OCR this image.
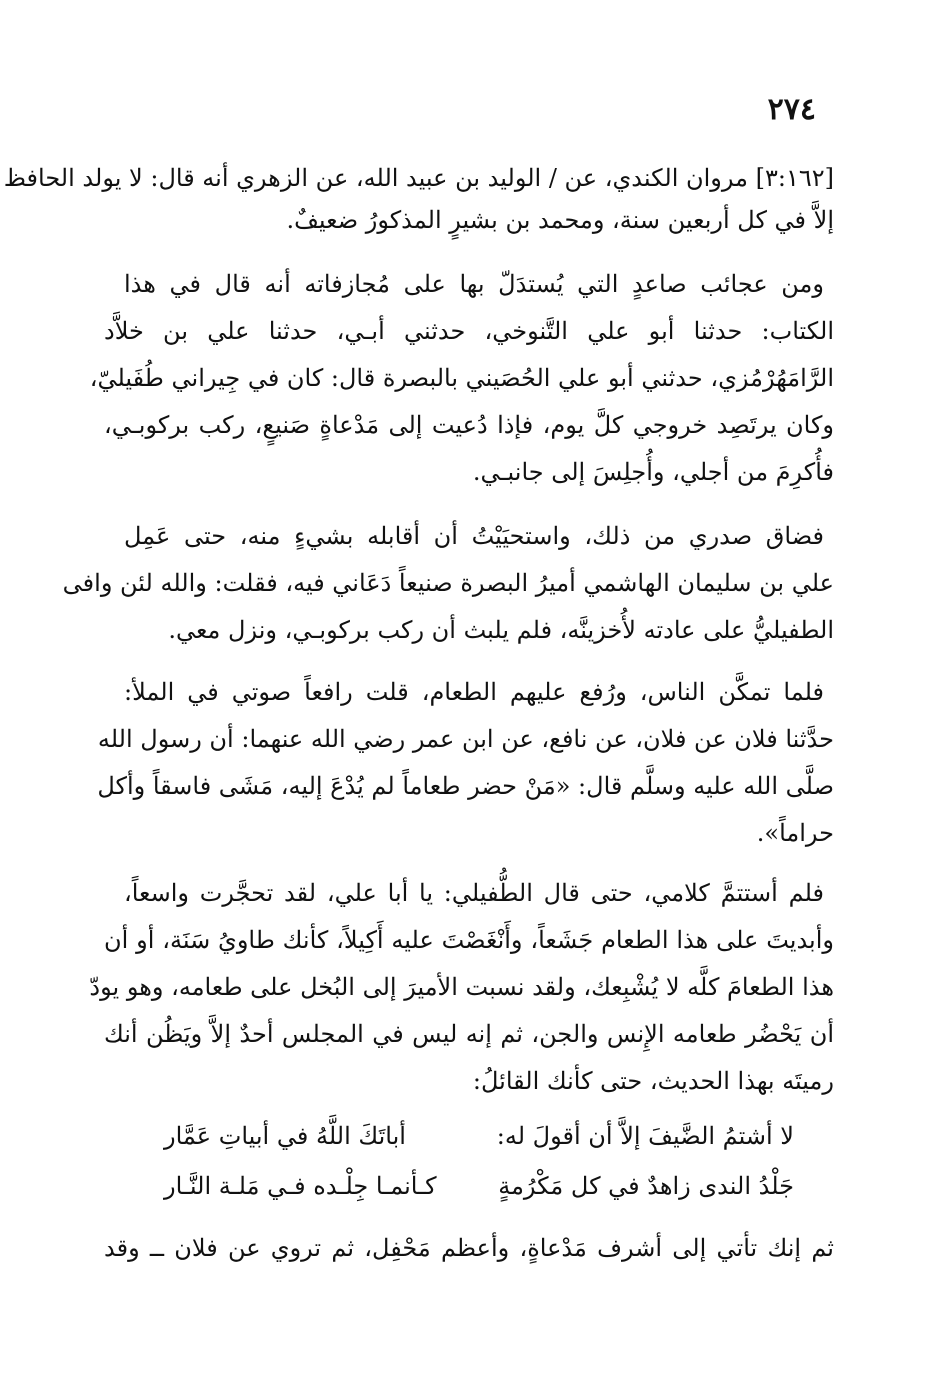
٢٧٤
[٣:١٦٢] مروان الكندي، عن / الوليد بن عبيد الله، عن الزهري أنه قال: لا يولد الحافظ
إلاَّ في كل أربعين سنة، ومحمد بن بشيرٍ المذكورُ ضعيفٌ.
ومن عجائب صاعدٍ التي يُستدَلّ بها على مُجازفاته أنه قال في هذا
الكتاب: حدثنا أبو علي التَّنوخي، حدثني أبـي، حدثنا علي بن خلاَّد
الرَّامَهُرْمُزي، حدثني أبو علي الحُصَيني بالبصرة قال: كان في جِيراني طُفَيليّ،
وكان يرتَصِد خروجي كلَّ يوم، فإذا دُعيت إلى مَدْعاةٍ صَنيعٍ، ركب بركوبـي،
فأُكرِمَ من أجلي، وأُجلِسَ إلى جانبـي.
فضاق صدري من ذلك، واستحيَيْتُ أن أقابله بشيءٍ منه، حتى عَمِل
علي بن سليمان الهاشمي أميرُ البصرة صنيعاً دَعَاني فيه، فقلت: والله لئن وافى
الطفيليُّ على عادته لأُخزينَّه، فلم يلبث أن ركب بركوبـي، ونزل معي.
فلما تمكَّن الناس، ورُفع عليهم الطعام، قلت رافعاً صوتي في الملأ:
حدَّثنا فلان عن فلان، عن نافع، عن ابن عمر رضي الله عنهما: أن رسول الله
صلَّى الله عليه وسلَّم قال: «مَنْ حضر طعاماً لم يُدْعَ إليه، مَشَى فاسقاً وأكل
حراماً».
فلم أستتمَّ كلامي، حتى قال الطُّفيلي: يا أبا علي، لقد تحجَّرت واسعاً،
وأبديتَ على هذا الطعام جَشَعاً، وأَنْغَصْتَ عليه أَكِيلاً، كأنك طاويُ سَنَة، أو أن
هذا الطعامَ كلَّه لا يُشْبِعك، ولقد نسبت الأميرَ إلى البُخل على طعامه، وهو يودّ
أن يَحْضُر طعامه الإِنس والجن، ثم إنه ليس في المجلس أحدٌ إلاَّ ويَظُن أنك
رميتَه بهذا الحديث، حتى كأنك القائلُ:
لا أشتمُ الضَّيفَ إلاَّ أن أقولَ له:
أباتَكَ اللَّهُ في أبياتِ عَمَّار
جَلْدُ الندى زاهدٌ في كل مَكْرُمةٍ
كـأنمـا جِلْـده فـي مَلـة النَّـار
ثم إنك تأتي إلى أشرف مَدْعاةٍ، وأعظم مَحْفِل، ثم تروي عن فلان ــ وقد
